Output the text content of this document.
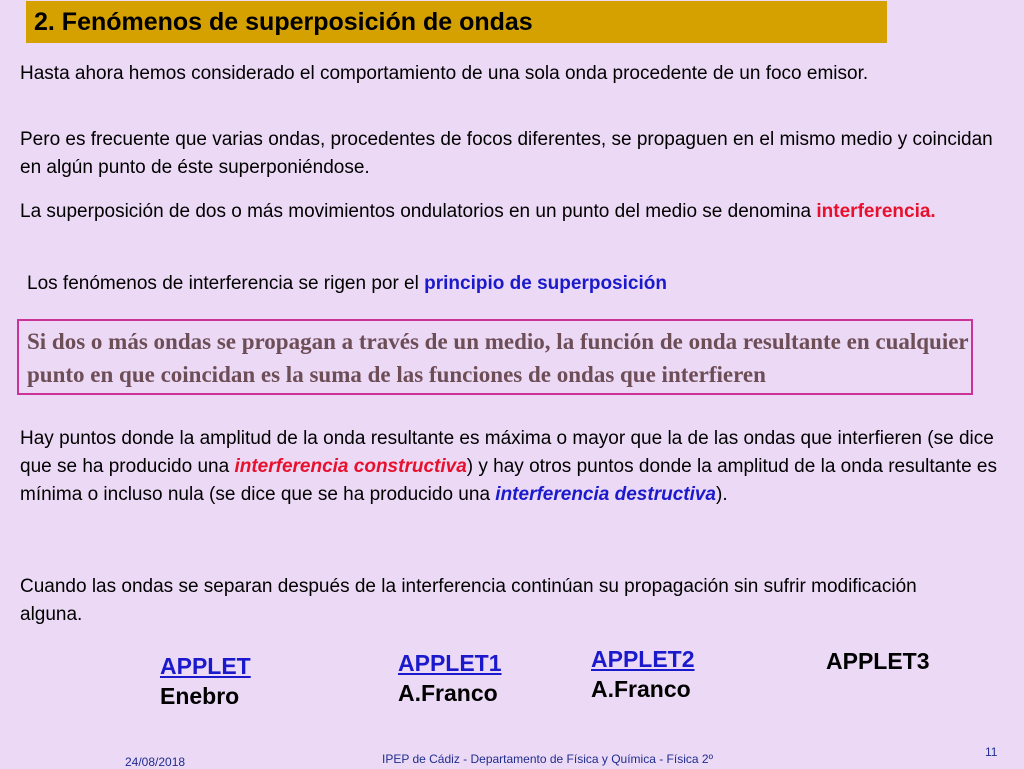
2. Fenómenos de superposición de ondas
Hasta ahora hemos considerado el comportamiento de una sola onda procedente de un foco emisor.
Pero es frecuente que varias ondas, procedentes de focos diferentes, se propaguen en el mismo medio y coincidan en algún punto de éste superponiéndose.
La superposición de dos o más movimientos ondulatorios en un punto del medio se denomina interferencia.
Los fenómenos de interferencia se rigen por el principio de superposición
Si dos o más ondas se propagan a través de un medio, la función de onda resultante en cualquier punto en que coincidan es la suma de las funciones de ondas que interfieren
Hay puntos donde la amplitud de la onda resultante es máxima o mayor que la de las ondas que interfieren (se dice que se ha producido una interferencia constructiva) y hay otros puntos donde la amplitud de la onda resultante es mínima o incluso nula (se dice que se ha producido una interferencia destructiva).
Cuando las ondas se separan después de la interferencia continúan su propagación sin sufrir modificación alguna.
APPLET
Enebro
APPLET1
A.Franco
APPLET2
A.Franco
APPLET3
24/08/2018	IPEP de Cádiz - Departamento de Física y Química - Física 2º	11
